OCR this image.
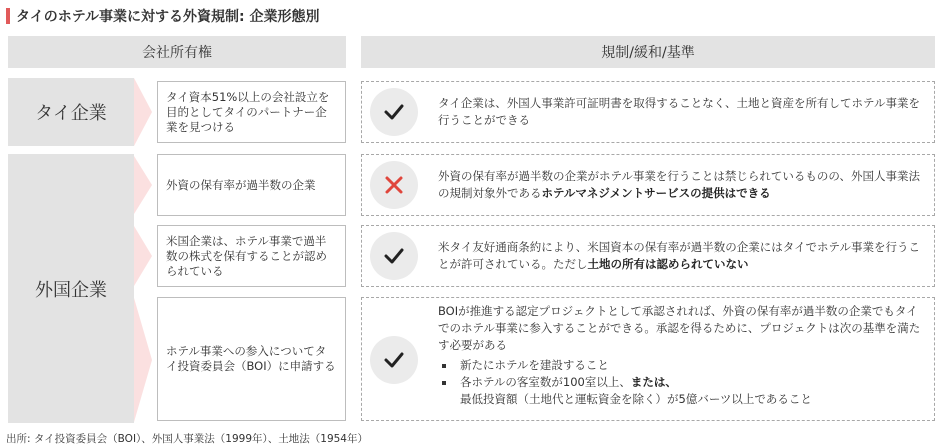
タイのホテル事業に対する外資規制: 企業形態別
会社所有権	規制/緩和/基準
タイ企業
タイ資本51%以上の会社設立を目的としてタイのパートナー企業を見つける
タイ企業は、外国人事業許可証明書を取得することなく、土地と資産を所有してホテル事業を行うことができる
外国企業
外資の保有率が過半数の企業
外資の保有率が過半数の企業がホテル事業を行うことは禁じられているものの、外国人事業法の規制対象外であるホテルマネジメントサービスの提供はできる
米国企業は、ホテル事業で過半数の株式を保有することが認められている
米タイ友好通商条約により、米国資本の保有率が過半数の企業にはタイでホテル事業を行うことが許可されている。ただし土地の所有は認められていない
ホテル事業への参入についてタイ投資委員会（BOI）に申請する
BOIが推進する認定プロジェクトとして承認されれば、外資の保有率が過半数の企業でもタイでのホテル事業に参入することができる。承認を得るために、プロジェクトは次の基準を満たす必要がある
新たにホテルを建設すること
各ホテルの客室数が100室以上、または、
最低投資額（土地代と運転資金を除く）が5億バーツ以上であること
出所: タイ投資委員会（BOI）、外国人事業法（1999年）、土地法（1954年）
